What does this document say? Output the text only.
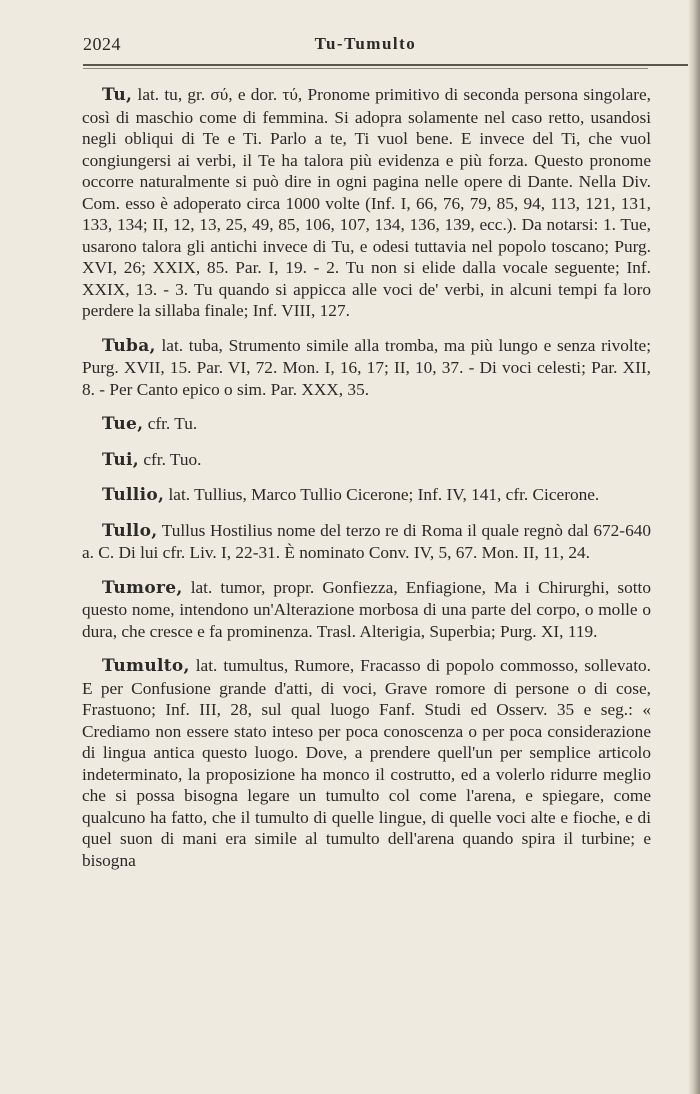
2024	Tu-Tumulto

Tu, lat. tu, gr. σύ, e dor. τύ, Pronome primitivo di seconda persona singolare, così di maschio come di femmina. Si adopra solamente nel caso retto, usandosi negli obliqui di Te e Ti. Parlo a te, Ti vuol bene. E invece del Ti, che vuol congiungersi ai verbi, il Te ha talora più evidenza e più forza. Questo pronome occorre naturalmente si può dire in ogni pagina nelle opere di Dante. Nella Div. Com. esso è adoperato circa 1000 volte (Inf. I, 66, 76, 79, 85, 94, 113, 121, 131, 133, 134; II, 12, 13, 25, 49, 85, 106, 107, 134, 136, 139, ecc.). Da notarsi: 1. Tue, usarono talora gli antichi invece di Tu, e odesi tuttavia nel popolo toscano; Purg. XVI, 26; XXIX, 85. Par. I, 19. - 2. Tu non si elide dalla vocale seguente; Inf. XXIX, 13. - 3. Tu quando si appicca alle voci de' verbi, in alcuni tempi fa loro perdere la sillaba finale; Inf. VIII, 127.

Tuba, lat. tuba, Strumento simile alla tromba, ma più lungo e senza rivolte; Purg. XVII, 15. Par. VI, 72. Mon. I, 16, 17; II, 10, 37. - Di voci celesti; Par. XII, 8. - Per Canto epico o sim. Par. XXX, 35.

Tue, cfr. Tu.

Tui, cfr. Tuo.

Tullio, lat. Tullius, Marco Tullio Cicerone; Inf. IV, 141, cfr. Cicerone.

Tullo, Tullus Hostilius nome del terzo re di Roma il quale regnò dal 672-640 a. C. Di lui cfr. Liv. I, 22-31. È nominato Conv. IV, 5, 67. Mon. II, 11, 24.

Tumore, lat. tumor, propr. Gonfiezza, Enfiagione, Ma i Chirurghi, sotto questo nome, intendono un'Alterazione morbosa di una parte del corpo, o molle o dura, che cresce e fa prominenza. Trasl. Alterigia, Superbia; Purg. XI, 119.

Tumulto, lat. tumultus, Rumore, Fracasso di popolo commosso, sollevato. E per Confusione grande d'atti, di voci, Grave romore di persone o di cose, Frastuono; Inf. III, 28, sul qual luogo Fanf. Studi ed Osserv. 35 e seg.: « Crediamo non essere stato inteso per poca conoscenza o per poca considerazione di lingua antica questo luogo. Dove, a prendere quell'un per semplice articolo indeterminato, la proposizione ha monco il costrutto, ed a volerlo ridurre meglio che si possa bisogna legare un tumulto col come l'arena, e spiegare, come qualcuno ha fatto, che il tumulto di quelle lingue, di quelle voci alte e fioche, e di quel suon di mani era simile al tumulto dell'arena quando spira il turbine; e bisogna
